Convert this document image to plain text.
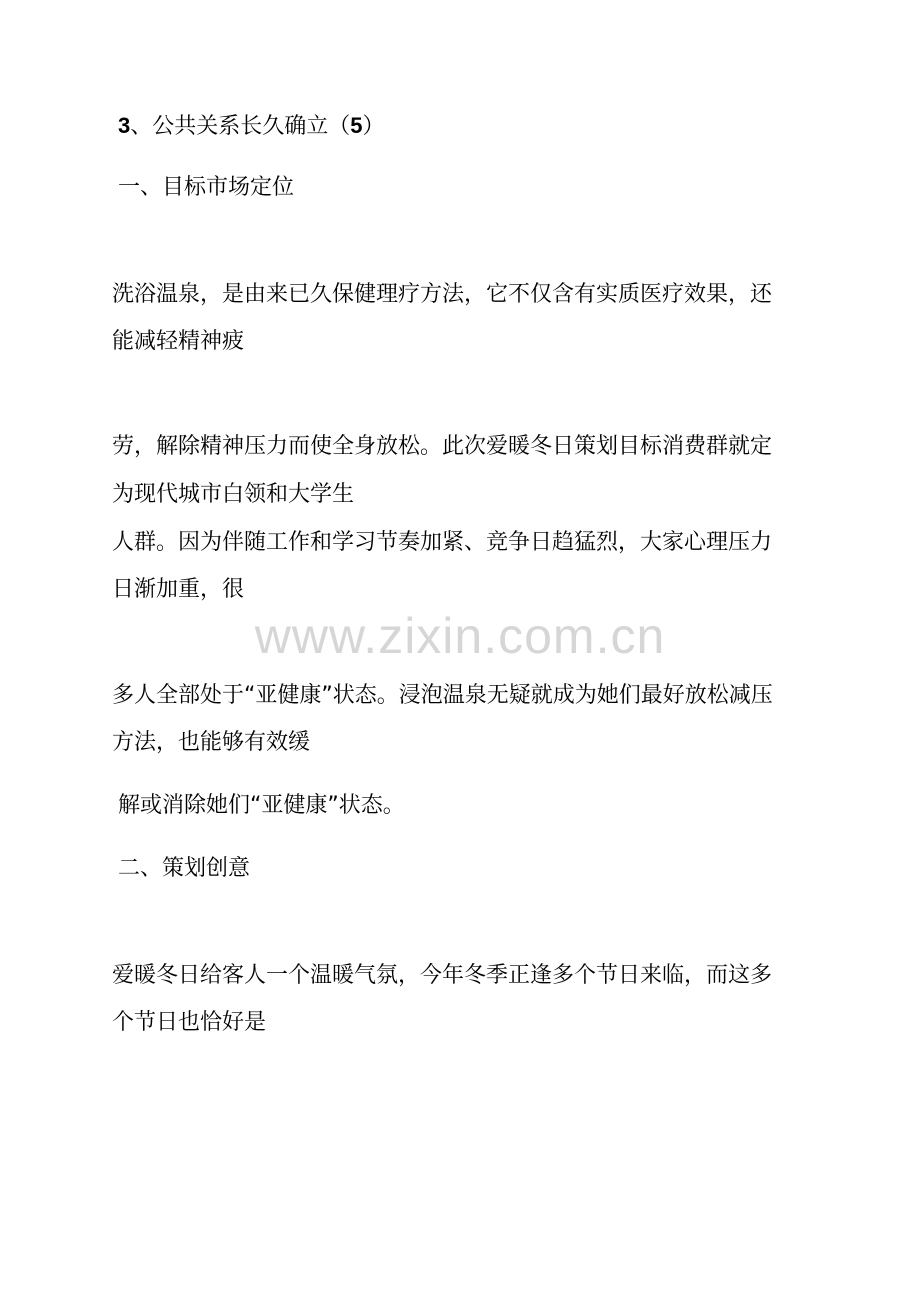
3、公共关系长久确立（5）
一、目标市场定位
洗浴温泉，是由来已久保健理疗方法，它不仅含有实质医疗效果，还
能减轻精神疲
劳，解除精神压力而使全身放松。此次爱暖冬日策划目标消费群就定
为现代城市白领和大学生
人群。因为伴随工作和学习节奏加紧、竞争日趋猛烈，大家心理压力
日渐加重，很
www.zixin.com.cn
多人全部处于“亚健康”状态。浸泡温泉无疑就成为她们最好放松减压
方法，也能够有效缓
解或消除她们“亚健康”状态。
二、策划创意
爱暖冬日给客人一个温暖气氛，今年冬季正逢多个节日来临，而这多
个节日也恰好是
